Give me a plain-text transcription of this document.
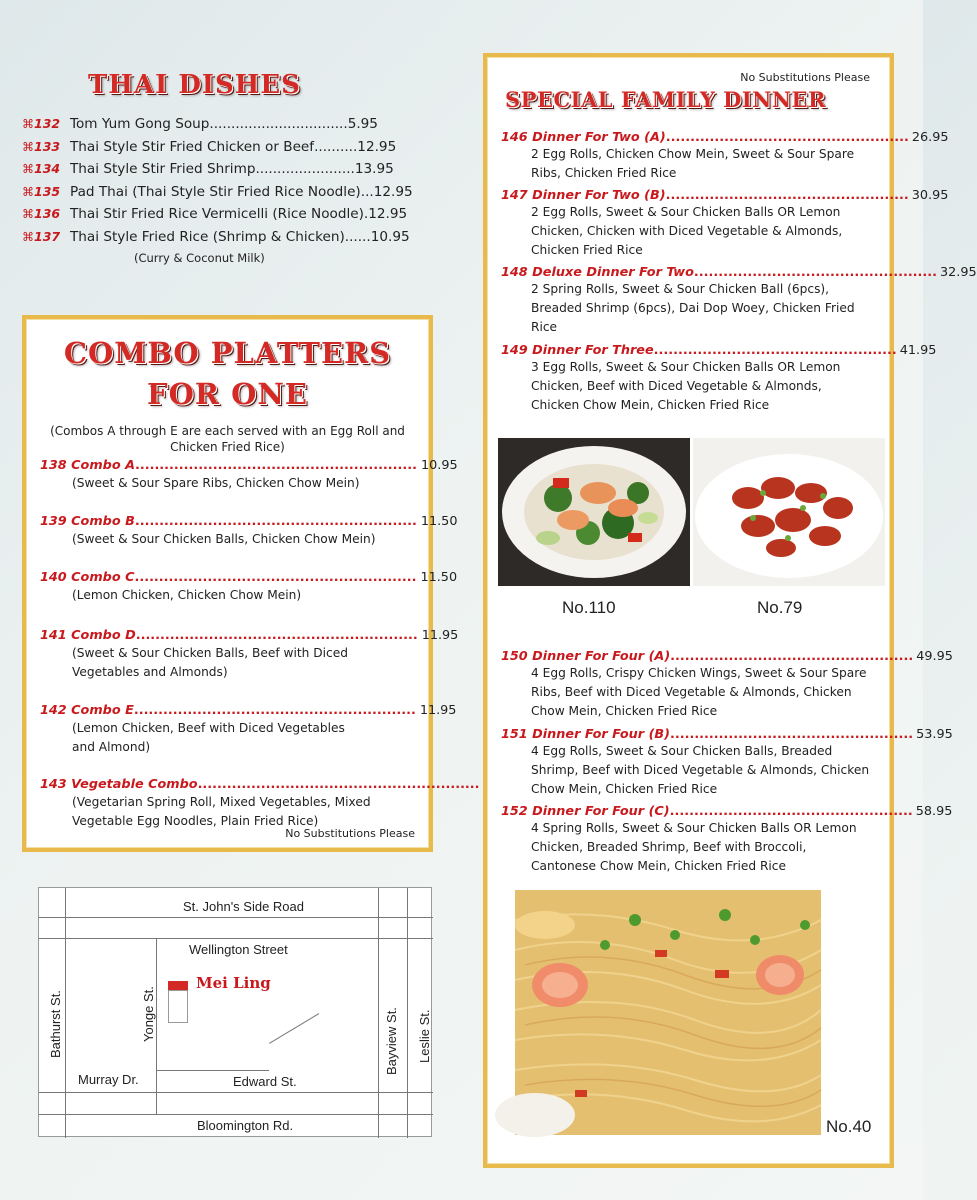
THAI DISHES
⌘ 132 Tom Yum Gong Soup ................................ 5.95
⌘ 133 Thai Style Stir Fried Chicken or Beef .......... 12.95
⌘ 134 Thai Style Stir Fried Shrimp ....................... 13.95
⌘ 135 Pad Thai (Thai Style Stir Fried Rice Noodle) ... 12.95
⌘ 136 Thai Stir Fried Rice Vermicelli (Rice Noodle) . 12.95
⌘ 137 Thai Style Fried Rice (Shrimp & Chicken) ...... 10.95
(Curry & Coconut Milk)
COMBO PLATTERS
FOR ONE

(Combos A through E are each served with an Egg Roll and Chicken Fried Rice)

138 Combo A .......................................................... 10.95
(Sweet & Sour Spare Ribs, Chicken Chow Mein)
139 Combo B .......................................................... 11.50
(Sweet & Sour Chicken Balls, Chicken Chow Mein)
140 Combo C .......................................................... 11.50
(Lemon Chicken, Chicken Chow Mein)
141 Combo D .......................................................... 11.95
(Sweet & Sour Chicken Balls, Beef with Diced Vegetables and Almonds)
142 Combo E .......................................................... 11.95
(Lemon Chicken, Beef with Diced Vegetables and Almond)
143 Vegetable Combo ..........................................................
(Vegetarian Spring Roll, Mixed Vegetables, Mixed Vegetable Egg Noodles, Plain Fried Rice)
No Substitutions Please
No Substitutions Please
SPECIAL FAMILY DINNER
146 Dinner For Two (A) .................................................. 26.95
2 Egg Rolls, Chicken Chow Mein, Sweet & Sour Spare Ribs, Chicken Fried Rice
147 Dinner For Two (B) .................................................. 30.95
2 Egg Rolls, Sweet & Sour Chicken Balls OR Lemon Chicken, Chicken with Diced Vegetable & Almonds, Chicken Fried Rice
148 Deluxe Dinner For Two .................................................. 32.95
2 Spring Rolls, Sweet & Sour Chicken Ball (6pcs), Breaded Shrimp (6pcs), Dai Dop Woey, Chicken Fried Rice
149 Dinner For Three .................................................. 41.95
3 Egg Rolls, Sweet & Sour Chicken Balls OR Lemon Chicken, Beef with Diced Vegetable & Almonds, Chicken Chow Mein, Chicken Fried Rice
No.110	No.79
150 Dinner For Four (A) .................................................. 49.95
4 Egg Rolls, Crispy Chicken Wings, Sweet & Sour Spare Ribs, Beef with Diced Vegetable & Almonds, Chicken Chow Mein, Chicken Fried Rice
151 Dinner For Four (B) .................................................. 53.95
4 Egg Rolls, Sweet & Sour Chicken Balls, Breaded Shrimp, Beef with Diced Vegetable & Almonds, Chicken Chow Mein, Chicken Fried Rice
152 Dinner For Four (C) .................................................. 58.95
4 Spring Rolls, Sweet & Sour Chicken Balls OR Lemon Chicken, Breaded Shrimp, Beef with Broccoli, Cantonese Chow Mein, Chicken Fried Rice
No.40
St. John's Side Road
Wellington Street
Murray Dr.	Edward St.
Bloomington Rd.
Bathurst St.	Yonge St.	Bayview St. Leslie St.
Mei Ling
